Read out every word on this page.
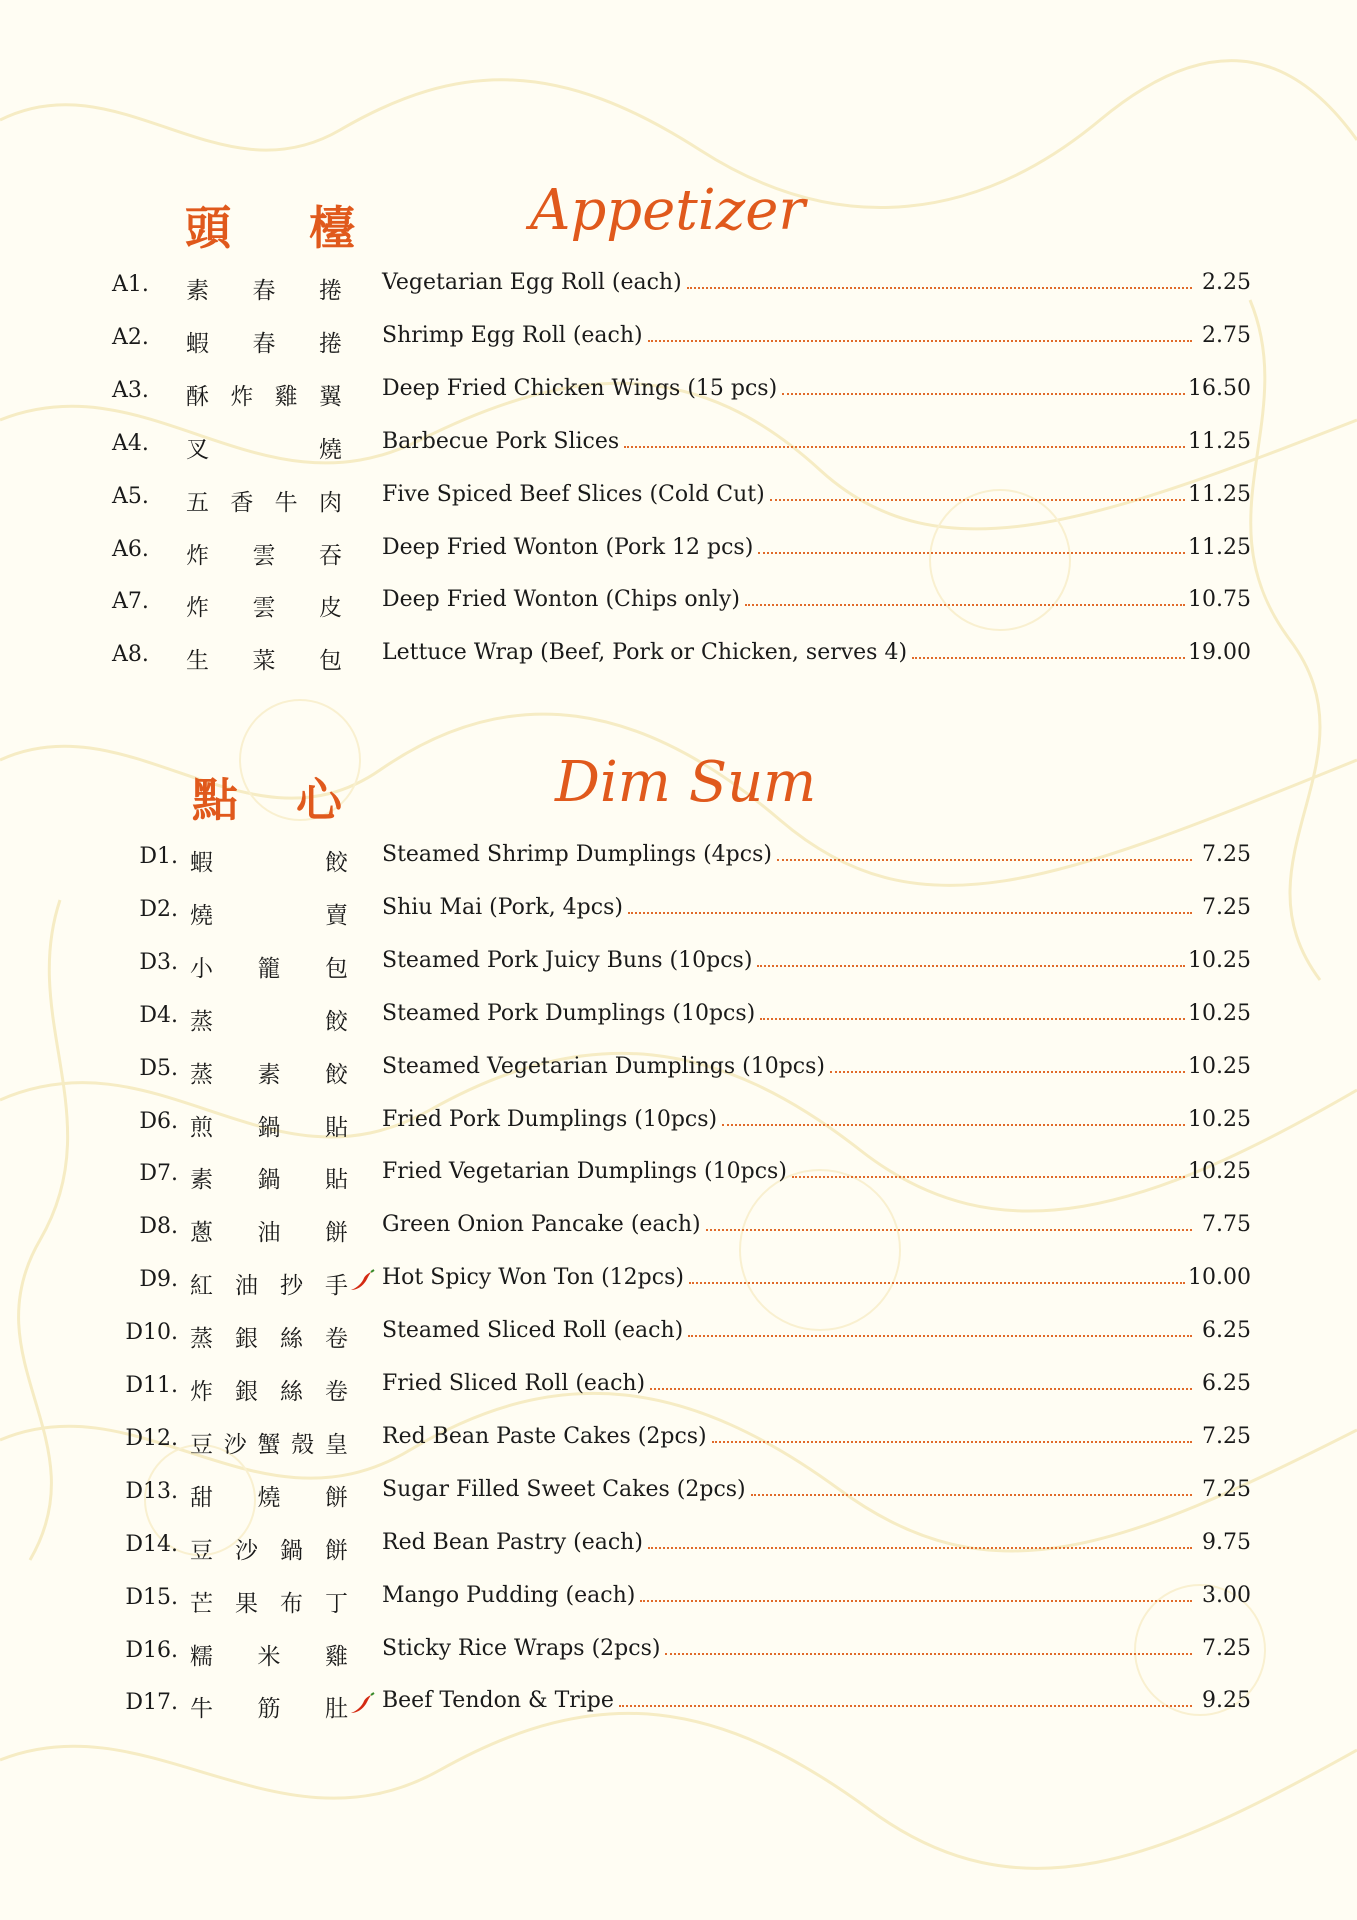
頭 檯	Appetizer
A1.	素 春 捲 Vegetarian Egg Roll (each)	2.25
A2.	蝦 春 捲 Shrimp Egg Roll (each)	2.75
A3.	酥 炸 雞 翼 Deep Fried Chicken Wings (15 pcs)	16.50
A4.	叉	燒 Barbecue Pork Slices	11.25
A5.	五 香 牛 肉 Five Spiced Beef Slices (Cold Cut)	11.25
A6.	炸 雲 吞 Deep Fried Wonton (Pork 12 pcs)	11.25
A7.	炸 雲 皮 Deep Fried Wonton (Chips only)	10.75
A8.	生 菜 包 Lettuce Wrap (Beef, Pork or Chicken, serves 4)	19.00
點 心	Dim Sum
D1. 蝦	餃 Steamed Shrimp Dumplings (4pcs)	7.25
D2. 燒	賣 Shiu Mai (Pork, 4pcs)	7.25
D3. 小 籠 包 Steamed Pork Juicy Buns (10pcs)	10.25
D4. 蒸	餃 Steamed Pork Dumplings (10pcs)	10.25
D5. 蒸 素 餃 Steamed Vegetarian Dumplings (10pcs)	10.25
D6. 煎 鍋 貼 Fried Pork Dumplings (10pcs)	10.25
D7. 素 鍋 貼 Fried Vegetarian Dumplings (10pcs)	10.25
D8. 蔥 油 餅 Green Onion Pancake (each)	7.75
D9. 紅 油 抄 手 Hot Spicy Won Ton (12pcs)	10.00
D10. 蒸 銀 絲 卷 Steamed Sliced Roll (each)	6.25
D11. 炸 銀 絲 卷 Fried Sliced Roll (each)	6.25
D12. 豆 沙 蟹 殼 皇 Red Bean Paste Cakes (2pcs)	7.25
D13. 甜 燒 餅 Sugar Filled Sweet Cakes (2pcs)	7.25
D14. 豆 沙 鍋 餅 Red Bean Pastry (each)	9.75
D15. 芒 果 布 丁 Mango Pudding (each)	3.00
D16. 糯 米 雞 Sticky Rice Wraps (2pcs)	7.25
D17. 牛 筋 肚 Beef Tendon & Tripe	9.25
